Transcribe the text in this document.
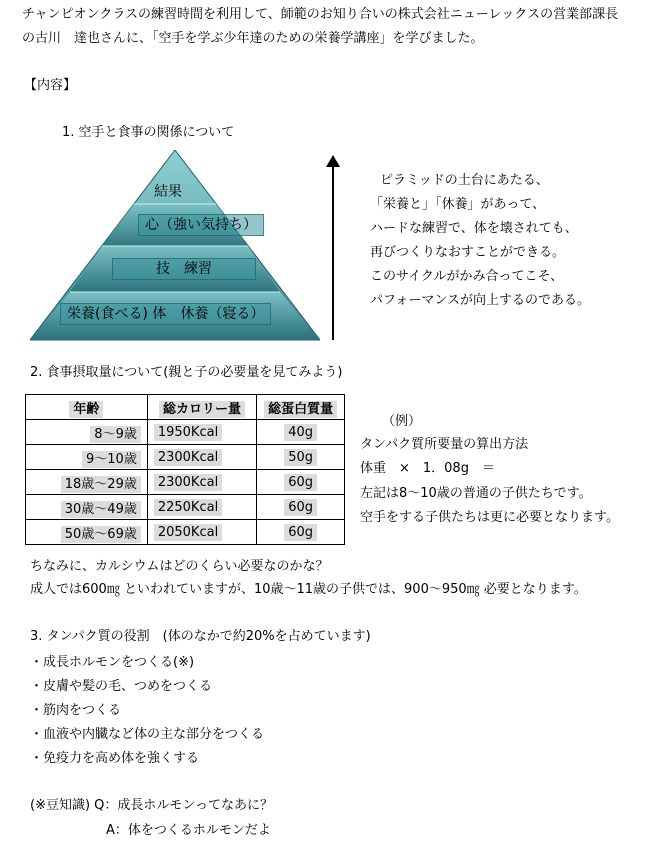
チャンピオンクラスの練習時間を利用して、師範のお知り合いの株式会社ニューレックスの営業部課長
の古川　達也さんに、「空手を学ぶ少年達のための栄養学講座」を学びました。
【内容】
1. 空手と食事の関係について
結果
心（強い気持ち）
技　練習
栄養(食べる) 体　休養（寝る）
ピラミッドの土台にあたる、
「栄養と」「休養」があって、
ハードな練習で、体を壊されても、
再びつくりなおすことができる。
このサイクルがかみ合ってこそ、
パフォーマンスが向上するのである。
2. 食事摂取量について(親と子の必要量を見てみよう)
年齢	総カロリー量	総蛋白質量
8～9歳	1950Kcal	40g
9～10歳	2300Kcal	50g
18歳～29歳	2300Kcal	60g
30歳～49歳	2250Kcal	60g
50歳～69歳	2050Kcal	60g
（例）
タンパク質所要量の算出方法
体重　×　1．08g　＝
左記は8～10歳の普通の子供たちです。
空手をする子供たちは更に必要となります。
ちなみに、カルシウムはどのくらい必要なのかな？
成人では600㎎ といわれていますが、10歳～11歳の子供では、900～950㎎ 必要となります。
3. タンパク質の役割　(体のなかで約20%を占めています)
・成長ホルモンをつくる(※)
・皮膚や髪の毛、つめをつくる
・筋肉をつくる
・血液や内臓など体の主な部分をつくる
・免疫力を高め体を強くする
(※豆知識) Q：成長ホルモンってなあに？
A：体をつくるホルモンだよ
